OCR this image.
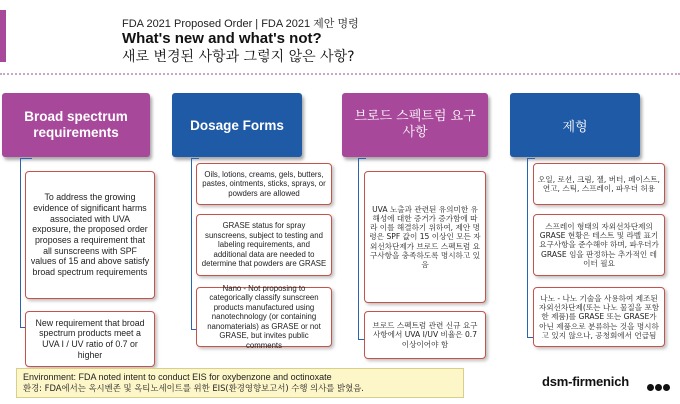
FDA 2021 Proposed Order | FDA 2021 제안 명령
What's new and what's not?
새로 변경된 사항과 그렇지 않은 사항?
Broad spectrum requirements
To address the growing evidence of significant harms associated with UVA exposure, the proposed order proposes a requirement that all sunscreens with SPF values of 15 and above satisfy broad spectrum requirements
New requirement that broad spectrum products meet a UVA I / UV ratio of 0.7 or higher
Dosage Forms
Oils, lotions, creams, gels, butters, pastes, ointments, sticks, sprays, or powders are allowed
GRASE status for spray sunscreens, subject to testing and labeling requirements, and additional data are needed to determine that powders are GRASE
Nano - Not proposing to categorically classify sunscreen products manufactured using nanotechnology (or containing nanomaterials) as GRASE or not GRASE, but invites public comments
브로드 스펙트럼 요구사항
UVA 노출과 관련된 유의미한 유해성에 대한 증거가 증가함에 따라 이를 해결하기 위하여, 제안 명령은 SPF 값이 15 이상인 모든 자외선차단제가 브로드 스펙트럼 요구사항을 충족하도록 명시하고 있음
브로드 스펙트럼 관련 신규 요구 사항에서 UVA I/UV 비율은 0.7 이상이어야 함
제형
오일, 로션, 크림, 젤, 버터, 페이스트, 연고, 스틱, 스프레이, 파우더 허용
스프레이 형태의 자외선차단제의 GRASE 현황은 테스트 및 라벨 표기 요구사항을 준수해야 하며, 파우더가 GRASE 임을 판정하는 추가적인 데이터 필요
나노 - 나노 기술을 사용하여 제조된 자외선차단제(또는 나노 물질을 포함한 제품)를 GRASE 또는 GRASE가 아닌 제품으로 분류하는 것을 명시하고 있지 않으나, 공청회에서 언급됨
Environment: FDA noted intent to conduct EIS for oxybenzone and octinoxate
환경: FDA에서는 옥시벤존 및 옥티노세이트를 위한 EIS(환경영향보고서) 수행 의사를 밝혔음.	dsm-firmenich
